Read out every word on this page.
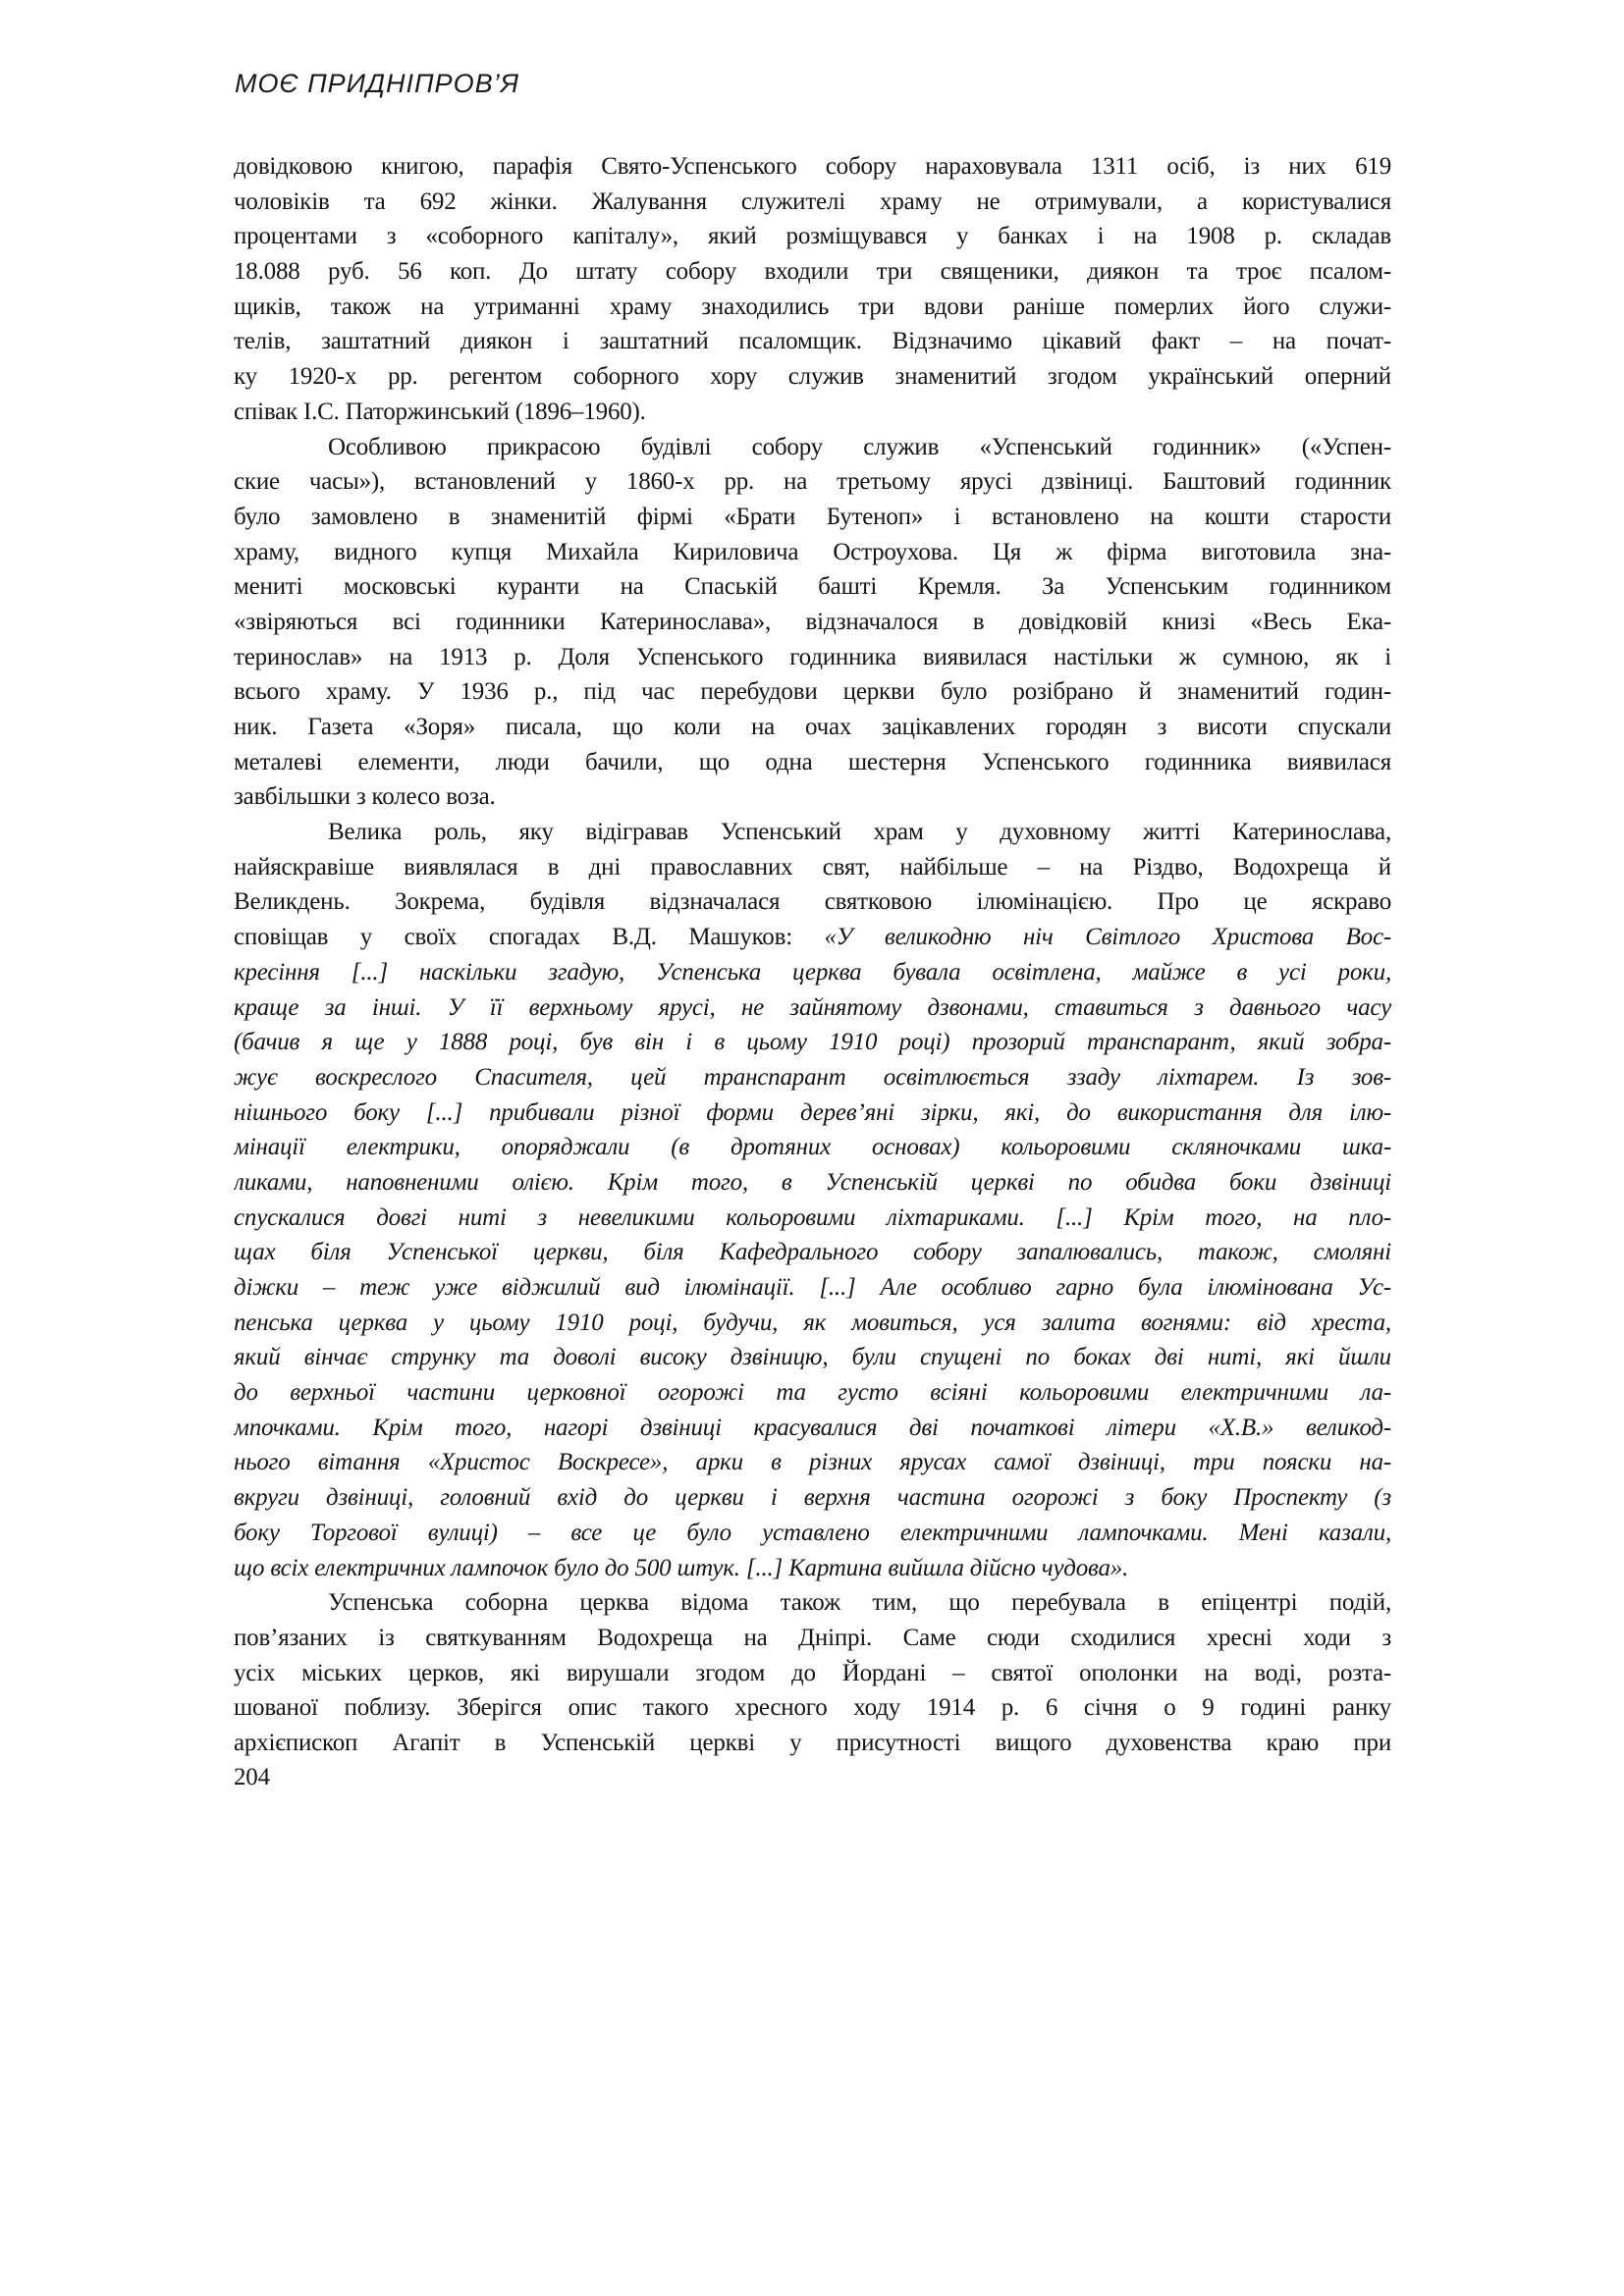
МОЄ ПРИДНІПРОВ’Я
довідковою книгою, парафія Свято-Успенського собору нараховувала 1311 осіб, із них 619
чоловіків та 692 жінки. Жалування служителі храму не отримували, а користувалися
процентами з «соборного капіталу», який розміщувався у банках і на 1908 р. складав
18.088 руб. 56 коп. До штату собору входили три священики, диякон та троє псалом-
щиків, також на утриманні храму знаходились три вдови раніше померлих його служи-
телів, заштатний диякон і заштатний псаломщик. Відзначимо цікавий факт – на почат-
ку 1920-х рр. регентом соборного хору служив знаменитий згодом український оперний
співак І.С. Паторжинський (1896–1960).
Особливою прикрасою будівлі собору служив «Успенський годинник» («Успен-
ские часы»), встановлений у 1860-х рр. на третьому ярусі дзвіниці. Баштовий годинник
було замовлено в знаменитій фірмі «Брати Бутеноп» і встановлено на кошти старости
храму, видного купця Михайла Кириловича Остроухова. Ця ж фірма виготовила зна-
мениті московські куранти на Спаській башті Кремля. За Успенським годинником
«звіряються всі годинники Катеринослава», відзначалося в довідковій книзі «Весь Ека-
теринослав» на 1913 р. Доля Успенського годинника виявилася настільки ж сумною, як і
всього храму. У 1936 р., під час перебудови церкви було розібрано й знаменитий годин-
ник. Газета «Зоря» писала, що коли на очах зацікавлених городян з висоти спускали
металеві елементи, люди бачили, що одна шестерня Успенського годинника виявилася
завбільшки з колесо воза.
Велика роль, яку відігравав Успенський храм у духовному житті Катеринослава,
найяскравіше виявлялася в дні православних свят, найбільше – на Різдво, Водохреща й
Великдень. Зокрема, будівля відзначалася святковою ілюмінацією. Про це яскраво
сповіщав у своїх спогадах В.Д. Машуков: «У великодню ніч Світлого Христова Вос-
кресіння [...] наскільки згадую, Успенська церква бувала освітлена, майже в усі роки,
краще за інші. У її верхньому ярусі, не зайнятому дзвонами, ставиться з давнього часу
(бачив я ще у 1888 році, був він і в цьому 1910 році) прозорий транспарант, який зобра-
жує воскреслого Спасителя, цей транспарант освітлюється ззаду ліхтарем. Із зов-
нішнього боку [...] прибивали різної форми дерев’яні зірки, які, до використання для ілю-
мінації електрики, опоряджали (в дротяних основах) кольоровими скляночками шка-
ликами, наповненими олією. Крім того, в Успенській церкві по обидва боки дзвіниці
спускалися довгі ниті з невеликими кольоровими ліхтариками. [...] Крім того, на пло-
щах біля Успенської церкви, біля Кафедрального собору запалювались, також, смоляні
діжки – теж уже віджилий вид ілюмінації. [...] Але особливо гарно була ілюмінована Ус-
пенська церква у цьому 1910 році, будучи, як мовиться, уся залита вогнями: від хреста,
який вінчає струнку та доволі високу дзвіницю, були спущені по боках дві ниті, які йшли
до верхньої частини церковної огорожі та густо всіяні кольоровими електричними ла-
мпочками. Крім того, нагорі дзвіниці красувалися дві початкові літери «Х.В.» великод-
нього вітання «Христос Воскресе», арки в різних ярусах самої дзвіниці, три пояски на-
вкруги дзвіниці, головний вхід до церкви і верхня частина огорожі з боку Проспекту (з
боку Торгової вулиці) – все це було уставлено електричними лампочками. Мені казали,
що всіх електричних лампочок було до 500 штук. [...] Картина вийшла дійсно чудова».
Успенська соборна церква відома також тим, що перебувала в епіцентрі подій,
пов’язаних із святкуванням Водохреща на Дніпрі. Саме сюди сходилися хресні ходи з
усіх міських церков, які вирушали згодом до Йордані – святої ополонки на воді, розта-
шованої поблизу. Зберігся опис такого хресного ходу 1914 р. 6 січня о 9 годині ранку
архієпископ Агапіт в Успенській церкві у присутності вищого духовенства краю при
204
